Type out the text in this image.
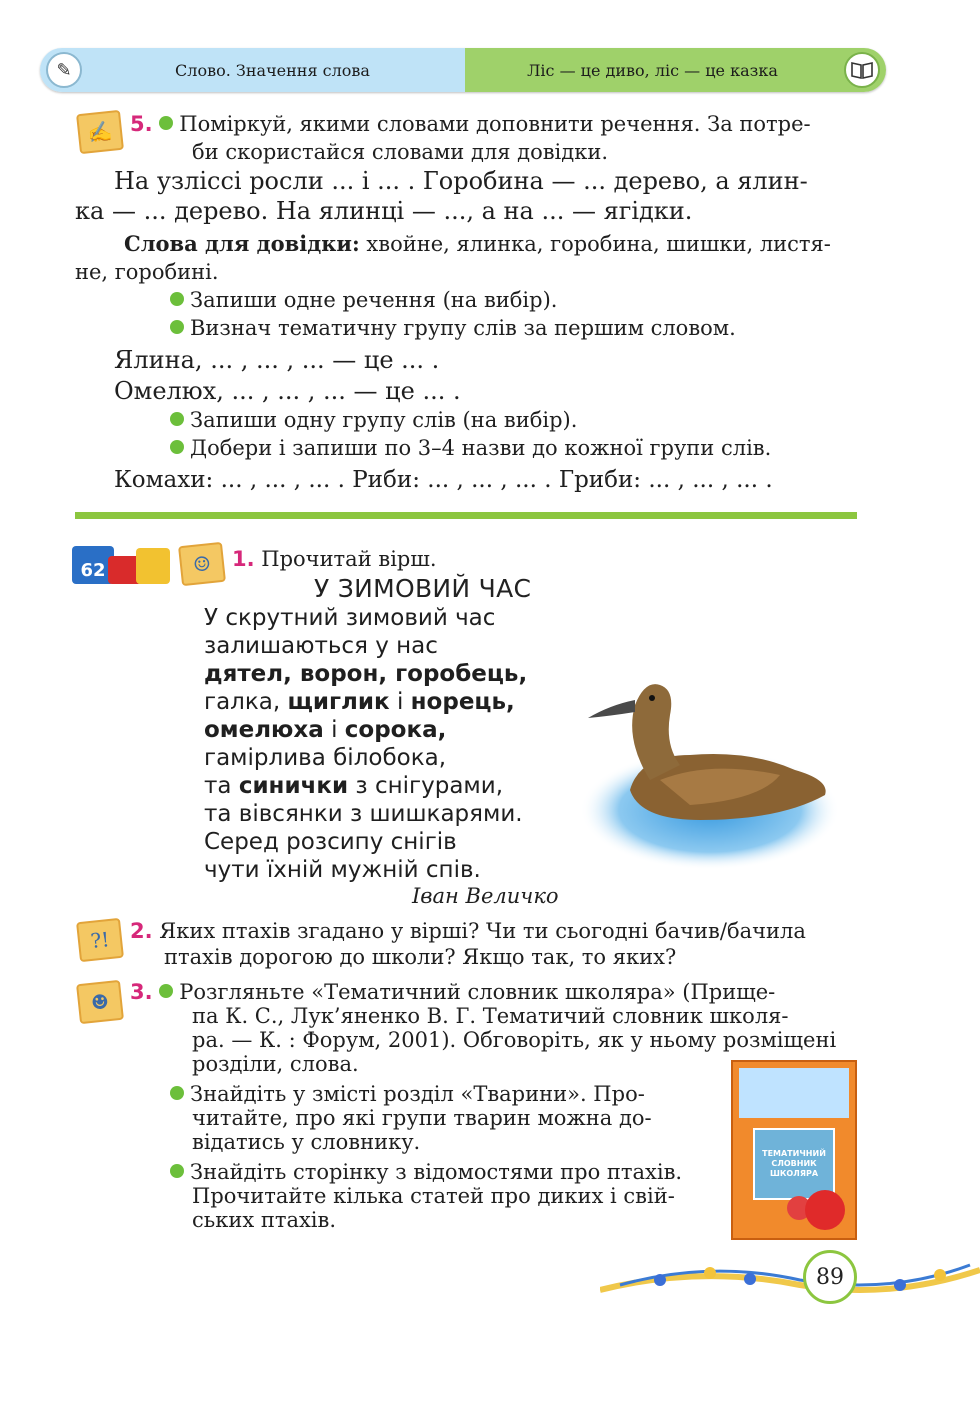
✎	Слово. Значення слова	Ліс — це диво, ліс — це казка
✍ 5. Поміркуй, якими словами доповнити речення. За потре-
би скористайся словами для довідки.
На узліссі росли ... і ... . Горобина — ... дерево, а ялин-
ка — ... дерево. На ялинці — ..., а на ... — ягідки.
Слова для довідки: хвойне, ялинка, горобина, шишки, листя-
не, горобині.
Запиши одне речення (на вибір).
Визнач тематичну групу слів за першим словом.
Ялина, ... , ... , ... — це ... .
Омелюх, ... , ... , ... — це ... .
Запиши одну групу слів (на вибір).
Добери і запиши по 3–4 назви до кожної групи слів.
Комахи: ... , ... , ... . Риби: ... , ... , ... . Гриби: ... , ... , ... .
62	☺ 1. Прочитай вірш.
У ЗИМОВИЙ ЧАС
У скрутний зимовий час
залишаються у нас
дятел, ворон, горобець,
галка, щиглик і норець,
омелюха і сорока,
гамірлива білобока,
та синички з снігурами,
та вівсянки з шишкарями.
Серед розсипу снігів
чути їхній мужній спів.
Іван Величко
?! 2. Яких птахів згадано у вірші? Чи ти сьогодні бачив/бачила
птахів дорогою до школи? Якщо так, то яких?
☻ 3. Розгляньте «Тематичний словник школяра» (Прище-
па К. С., Лук’яненко В. Г. Тематичий словник школя-
ра. — К. : Форум, 2001). Обговоріть, як у ньому розміщені
розділи, слова.
Знайдіть у змісті розділ «Тварини». Про-
читайте, про які групи тварин можна до-
відатись у словнику.
Знайдіть сторінку з відомостями про птахів.
Прочитайте кілька статей про диких і свій-
ських птахів.
ТЕМАТИЧНИЙ СЛОВНИК ШКОЛЯРА
89
